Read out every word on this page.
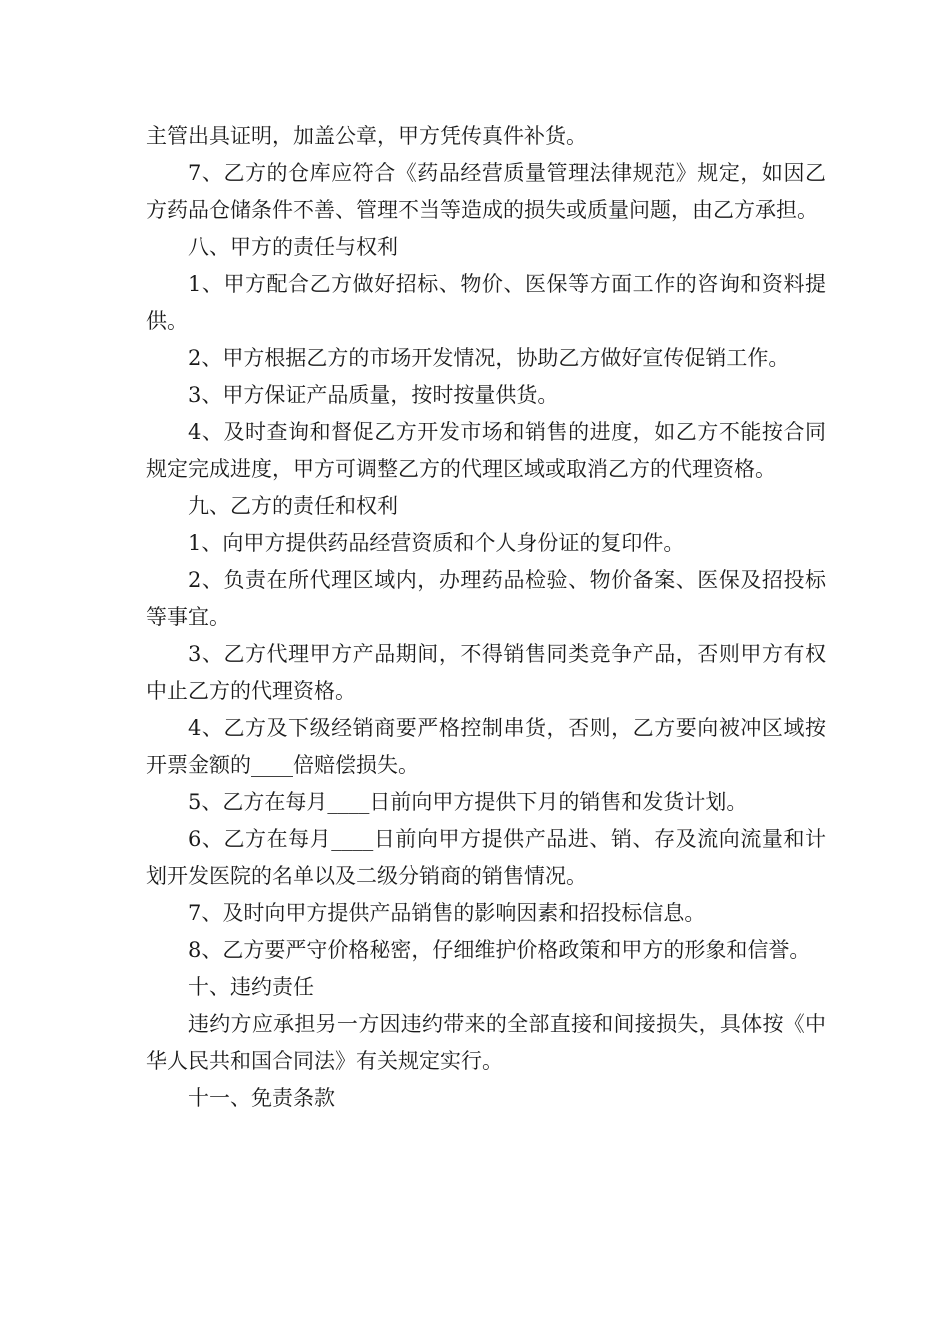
主管出具证明，加盖公章，甲方凭传真件补货。

7、乙方的仓库应符合《药品经营质量管理法律规范》规定，如因乙方药品仓储条件不善、管理不当等造成的损失或质量问题，由乙方承担。

八、甲方的责任与权利

1、甲方配合乙方做好招标、物价、医保等方面工作的咨询和资料提供。

2、甲方根据乙方的市场开发情况，协助乙方做好宣传促销工作。

3、甲方保证产品质量，按时按量供货。

4、及时查询和督促乙方开发市场和销售的进度，如乙方不能按合同规定完成进度，甲方可调整乙方的代理区域或取消乙方的代理资格。

九、乙方的责任和权利

1、向甲方提供药品经营资质和个人身份证的复印件。

2、负责在所代理区域内，办理药品检验、物价备案、医保及招投标等事宜。

3、乙方代理甲方产品期间，不得销售同类竞争产品，否则甲方有权中止乙方的代理资格。

4、乙方及下级经销商要严格控制串货，否则，乙方要向被冲区域按开票金额的____倍赔偿损失。

5、乙方在每月____日前向甲方提供下月的销售和发货计划。

6、乙方在每月____日前向甲方提供产品进、销、存及流向流量和计划开发医院的名单以及二级分销商的销售情况。

7、及时向甲方提供产品销售的影响因素和招投标信息。

8、乙方要严守价格秘密，仔细维护价格政策和甲方的形象和信誉。

十、违约责任

违约方应承担另一方因违约带来的全部直接和间接损失，具体按《中华人民共和国合同法》有关规定实行。

十一、免责条款
